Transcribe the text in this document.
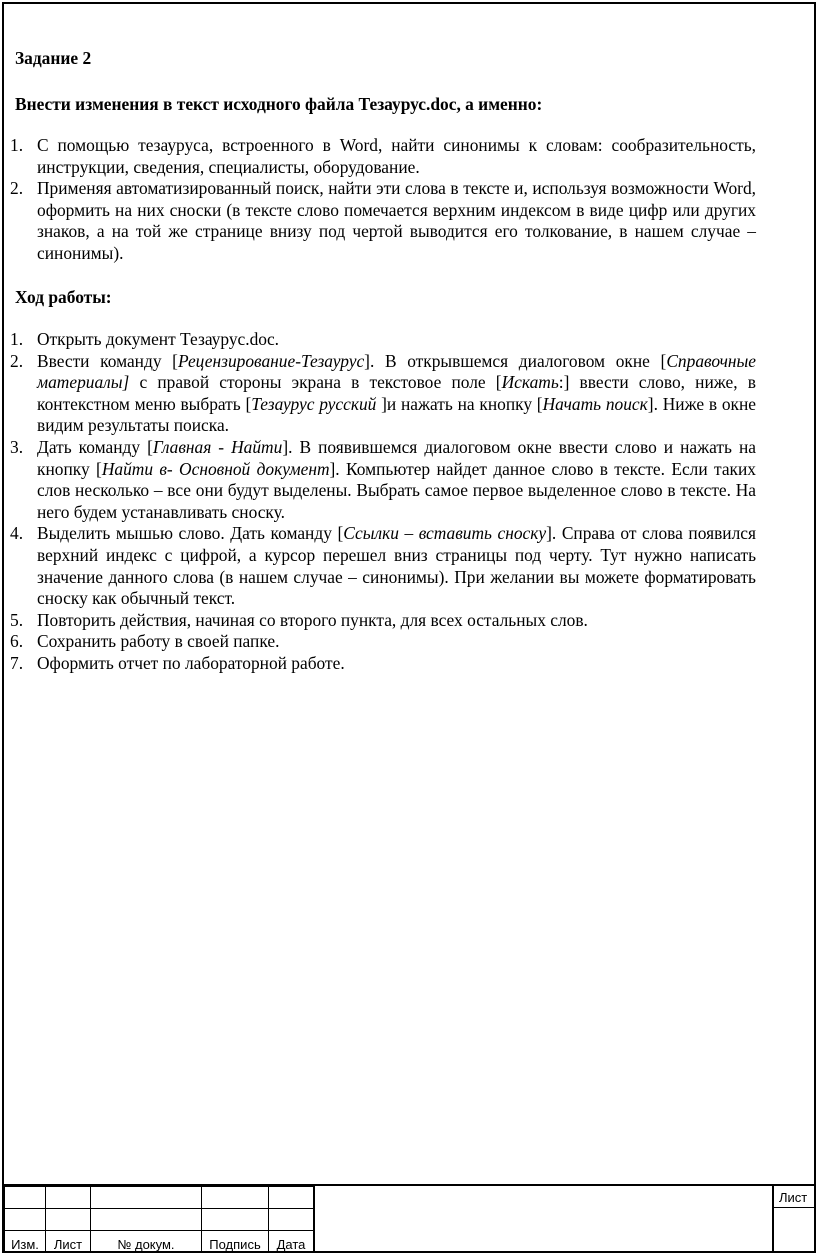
Задание 2

Внести изменения в текст исходного файла Тезаурус.doc, а именно:

1. С помощью тезауруса, встроенного в Word, найти синонимы к словам: сообразительность, инструкции, сведения, специалисты, оборудование.
2. Применяя автоматизированный поиск, найти эти слова в тексте и, используя возможности Word, оформить на них сноски (в тексте слово помечается верхним индексом в виде цифр или других знаков, а на той же странице внизу под чертой выводится его толкование, в нашем случае – синонимы).

Ход работы:

1. Открыть документ Тезаурус.doc.
2. Ввести команду [Рецензирование-Тезаурус]. В открывшемся диалоговом окне [Справочные материалы] с правой стороны экрана в текстовое поле [Искать:] ввести слово, ниже, в контекстном меню выбрать [Тезаурус русский ]и нажать на кнопку [Начать поиск]. Ниже в окне видим результаты поиска.
3. Дать команду [Главная - Найти]. В появившемся диалоговом окне ввести слово и нажать на кнопку [Найти в- Основной документ]. Компьютер найдет данное слово в тексте. Если таких слов несколько – все они будут выделены. Выбрать самое первое выделенное слово в тексте. На него будем устанавливать сноску.
4. Выделить мышью слово. Дать команду [Ссылки – вставить сноску]. Справа от слова появился верхний индекс с цифрой, а курсор перешел вниз страницы под черту. Тут нужно написать значение данного слова (в нашем случае – синонимы). При желании вы можете форматировать сноску как обычный текст.
5. Повторить действия, начиная со второго пункта, для всех остальных слов.
6. Сохранить работу в своей папке.
7. Оформить отчет по лабораторной работе.

Изм.	Лист	№ докум.	Подпись	Дата
Лист
